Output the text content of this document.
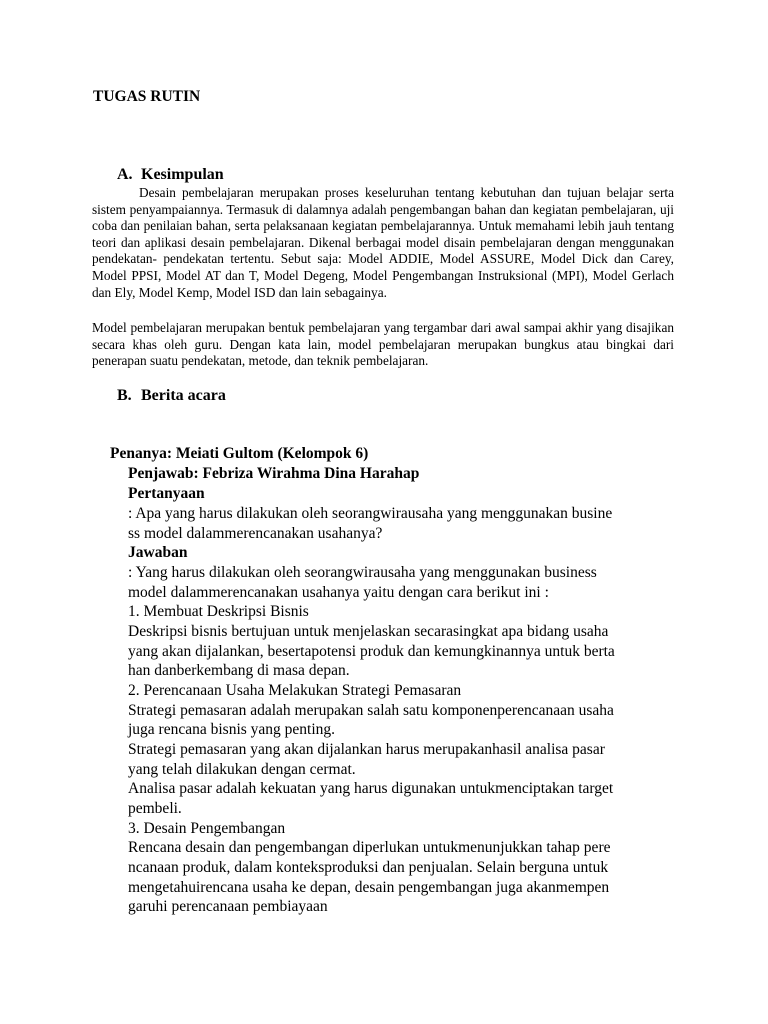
TUGAS RUTIN
A. Kesimpulan

Desain pembelajaran merupakan proses keseluruhan tentang kebutuhan dan tujuan belajar serta sistem penyampaiannya. Termasuk di dalamnya adalah pengembangan bahan dan kegiatan pembelajaran, uji coba dan penilaian bahan, serta pelaksanaan kegiatan pembelajarannya. Untuk memahami lebih jauh tentang teori dan aplikasi desain pembelajaran. Dikenal berbagai model disain pembelajaran dengan menggunakan pendekatan- pendekatan tertentu. Sebut saja: Model ADDIE, Model ASSURE, Model Dick dan Carey, Model PPSI, Model AT dan T, Model Degeng, Model Pengembangan Instruksional (MPI), Model Gerlach dan Ely, Model Kemp, Model ISD dan lain sebagainya.

Model pembelajaran merupakan bentuk pembelajaran yang tergambar dari awal sampai akhir yang disajikan secara khas oleh guru. Dengan kata lain, model pembelajaran merupakan bungkus atau bingkai dari penerapan suatu pendekatan, metode, dan teknik pembelajaran.

B. Berita acara
Penanya: Meiati Gultom (Kelompok 6)
Penjawab: Febriza Wirahma Dina Harahap
Pertanyaan
: Apa yang harus dilakukan oleh seorangwirausaha yang menggunakan busine
ss model dalammerencanakan usahanya?
Jawaban
: Yang harus dilakukan oleh seorangwirausaha yang menggunakan business
model dalammerencanakan usahanya yaitu dengan cara berikut ini :
1. Membuat Deskripsi Bisnis
Deskripsi bisnis bertujuan untuk menjelaskan secarasingkat apa bidang usaha
yang akan dijalankan, besertapotensi produk dan kemungkinannya untuk berta
han danberkembang di masa depan.
2. Perencanaan Usaha Melakukan Strategi Pemasaran
Strategi pemasaran adalah merupakan salah satu komponenperencanaan usaha
juga rencana bisnis yang penting.
Strategi pemasaran yang akan dijalankan harus merupakanhasil analisa pasar
yang telah dilakukan dengan cermat.
Analisa pasar adalah kekuatan yang harus digunakan untukmenciptakan target
pembeli.
3. Desain Pengembangan
Rencana desain dan pengembangan diperlukan untukmenunjukkan tahap pere
ncanaan produk, dalam konteksproduksi dan penjualan. Selain berguna untuk
mengetahuirencana usaha ke depan, desain pengembangan juga akanmempen
garuhi perencanaan pembiayaan
